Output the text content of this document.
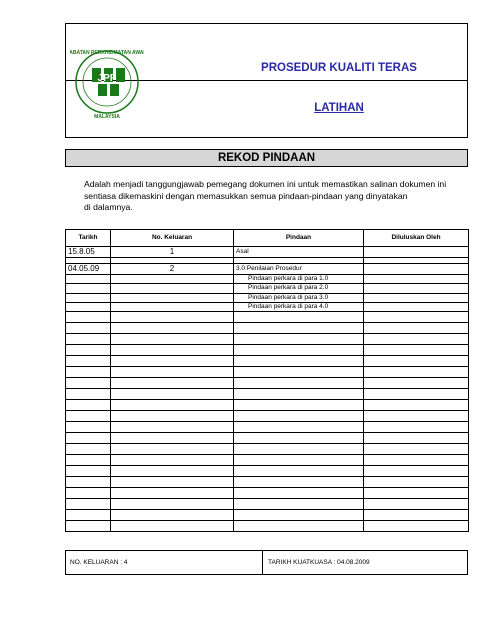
JABATAN PERKHIDMATAN AWAM
MALAYSIA
JPP
PROSEDUR KUALITI TERAS
LATIHAN
REKOD PINDAAN
Adalah menjadi tanggungjawab pemegang dokumen ini untuk memastikan salinan dokumen ini
sentiasa dikemaskini dengan memasukkan semua pindaan-pindaan yang dinyatakan
di dalamnya.
Tarikh	No. Keluaran	Pindaan	Diluluskan Oleh
15.8.05	1	Asal	

04.05.09	2	3.0 Penilaian Prosedur	
		Pindaan perkara di para 1.0	
		Pindaan perkara di para 2.0	
		Pindaan perkara di para 3.0	
		Pindaan perkara di para 4.0	

NO. KELUARAN : 4	TARIKH KUATKUASA : 04.08.2009
